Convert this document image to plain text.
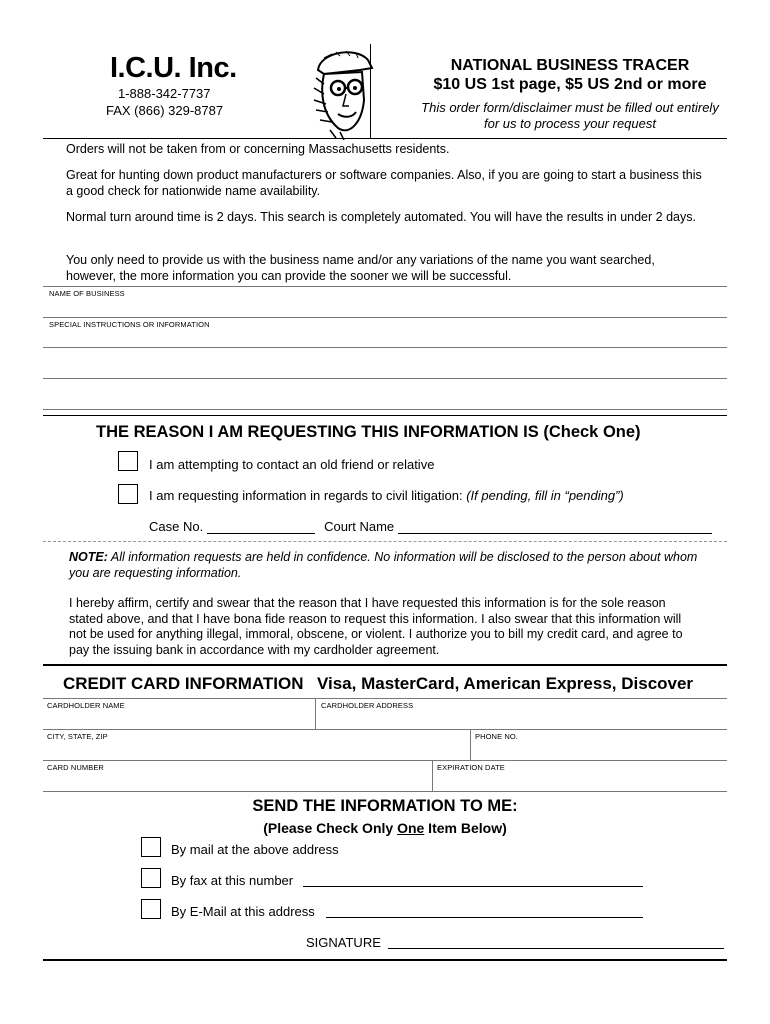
I.C.U. Inc.
1-888-342-7737
FAX (866) 329-8787
NATIONAL BUSINESS TRACER
$10 US 1st page, $5 US 2nd or more
This order form/disclaimer must be filled out entirely for us to process your request
Orders will not be taken from or concerning Massachusetts residents.
Great for hunting down product manufacturers or software companies. Also, if you are going to start a business this a good check for nationwide name availability.
Normal turn around time is 2 days. This search is completely automated. You will have the results in under 2 days.
You only need to provide us with the business name and/or any variations of the name you want searched, however, the more information you can provide the sooner we will be successful.
NAME OF BUSINESS
SPECIAL INSTRUCTIONS OR INFORMATION
THE REASON I AM REQUESTING THIS INFORMATION IS (Check One)
I am attempting to contact an old friend or relative
I am requesting information in regards to civil litigation: (If pending, fill in “pending”)
Case No.	Court Name
NOTE: All information requests are held in confidence. No information will be disclosed to the person about whom you are requesting information.
I hereby affirm, certify and swear that the reason that I have requested this information is for the sole reason stated above, and that I have bona fide reason to request this information. I also swear that this information will not be used for anything illegal, immoral, obscene, or violent. I authorize you to bill my credit card, and agree to pay the issuing bank in accordance with my cardholder agreement.
CREDIT CARD INFORMATION Visa, MasterCard, American Express, Discover
CARDHOLDER NAME	CARDHOLDER ADDRESS
CITY, STATE, ZIP	PHONE NO.
CARD NUMBER	EXPIRATION DATE
SEND THE INFORMATION TO ME:
(Please Check Only One Item Below)
By mail at the above address
By fax at this number
By E-Mail at this address
SIGNATURE
